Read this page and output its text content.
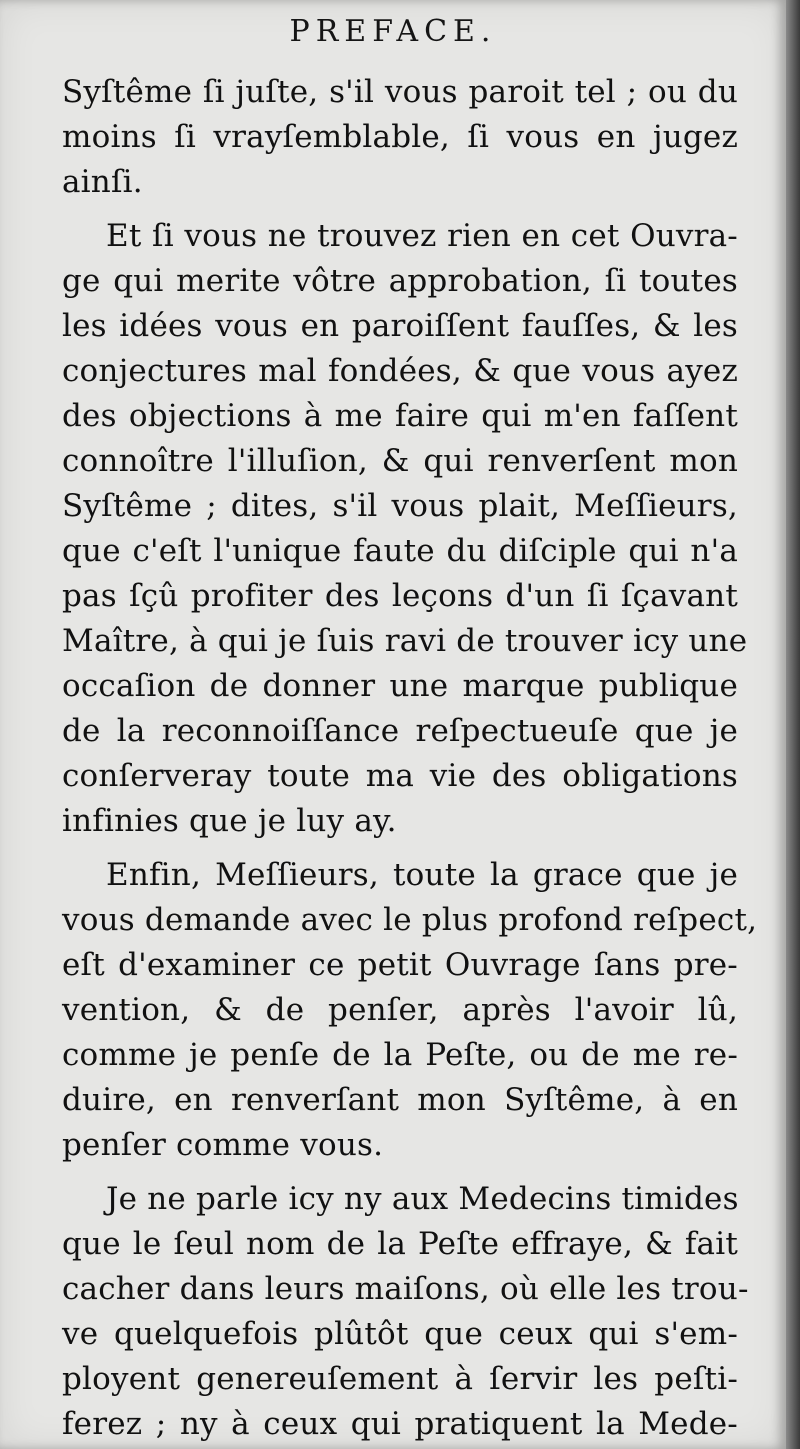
PREFACE.
Syſtême ſi juſte, s'il vous paroit tel ; ou du
moins ſi vrayſemblable, ſi vous en jugez
ainſi.
Et ſi vous ne trouvez rien en cet Ouvra-
ge qui merite vôtre approbation, ſi toutes
les idées vous en paroiſſent fauſſes, & les
conjectures mal fondées, & que vous ayez
des objections à me faire qui m'en faſſent
connoître l'illuſion, & qui renverſent mon
Syſtême ; dites, s'il vous plait, Meſſieurs,
que c'eſt l'unique faute du diſciple qui n'a
pas ſçû profiter des leçons d'un ſi ſçavant
Maître, à qui je ſuis ravi de trouver icy une
occaſion de donner une marque publique
de la reconnoiſſance reſpectueuſe que je
conſerveray toute ma vie des obligations
infinies que je luy ay.
Enfin, Meſſieurs, toute la grace que je
vous demande avec le plus profond reſpect,
eſt d'examiner ce petit Ouvrage ſans pre-
vention, & de penſer, après l'avoir lû,
comme je penſe de la Peſte, ou de me re-
duire, en renverſant mon Syſtême, à en
penſer comme vous.
Je ne parle icy ny aux Medecins timides
que le ſeul nom de la Peſte effraye, & fait
cacher dans leurs maiſons, où elle les trou-
ve quelquefois plûtôt que ceux qui s'em-
ployent genereuſement à ſervir les peſti-
ferez ; ny à ceux qui pratiquent la Mede-
